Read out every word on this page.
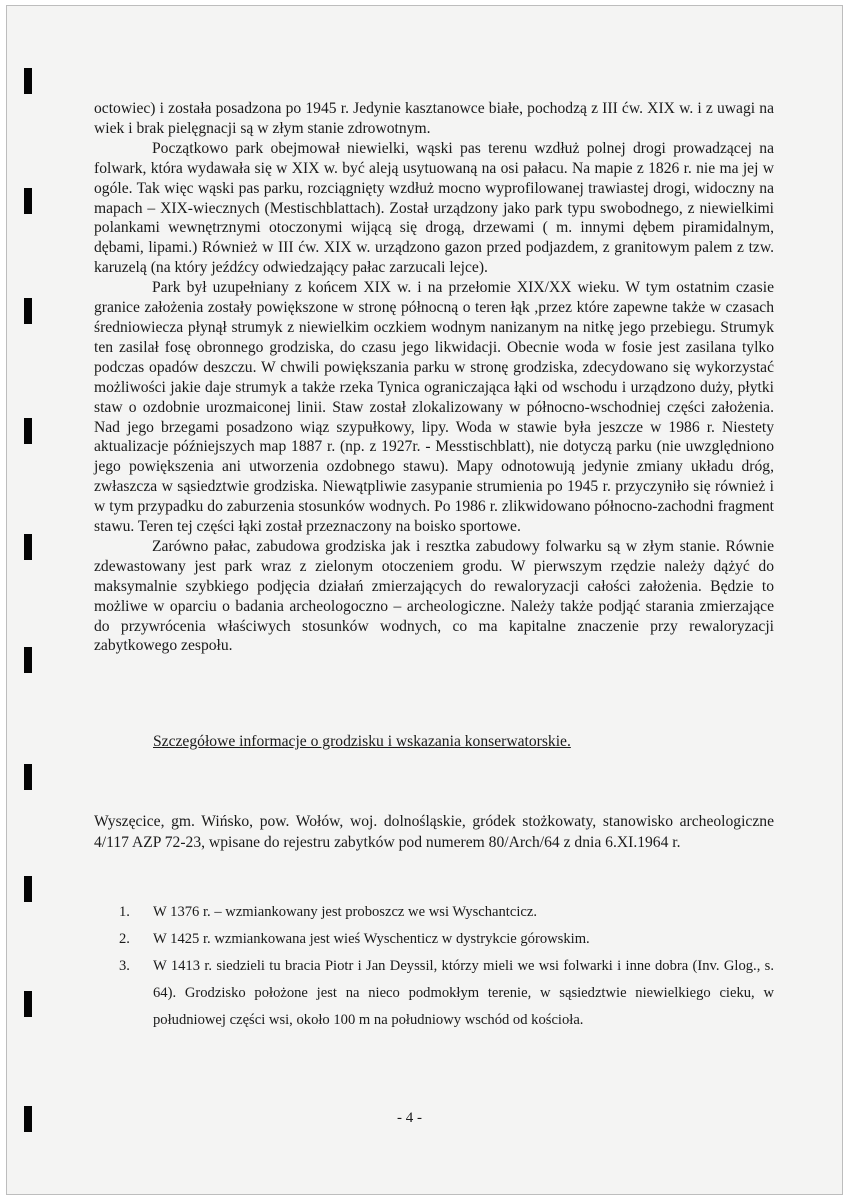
octowiec) i została posadzona po 1945 r. Jedynie kasztanowce białe, pochodzą z III ćw. XIX w. i z uwagi na wiek i brak pielęgnacji są w złym stanie zdrowotnym.

Początkowo park obejmował niewielki, wąski pas terenu wzdłuż polnej drogi prowadzącej na folwark, która wydawała się w XIX w. być aleją usytuowaną na osi pałacu. Na mapie z 1826 r. nie ma jej w ogóle. Tak więc wąski pas parku, rozciągnięty wzdłuż mocno wyprofilowanej trawiastej drogi, widoczny na mapach – XIX-wiecznych (Mestischblattach). Został urządzony jako park typu swobodnego, z niewielkimi polankami wewnętrznymi otoczonymi wijącą się drogą, drzewami ( m. innymi dębem piramidalnym, dębami, lipami.) Również w III ćw. XIX w. urządzono gazon przed podjazdem, z granitowym palem z tzw. karuzelą (na który jeźdźcy odwiedzający pałac zarzucali lejce).

Park był uzupełniany z końcem XIX w. i na przełomie XIX/XX wieku. W tym ostatnim czasie granice założenia zostały powiększone w stronę północną o teren łąk ,przez które zapewne także w czasach średniowiecza płynął strumyk z niewielkim oczkiem wodnym nanizanym na nitkę jego przebiegu. Strumyk ten zasilał fosę obronnego grodziska, do czasu jego likwidacji. Obecnie woda w fosie jest zasilana tylko podczas opadów deszczu. W chwili powiększania parku w stronę grodziska, zdecydowano się wykorzystać możliwości jakie daje strumyk a także rzeka Tynica ograniczająca łąki od wschodu i urządzono duży, płytki staw o ozdobnie urozmaiconej linii. Staw został zlokalizowany w północno-wschodniej części założenia. Nad jego brzegami posadzono wiąz szypułkowy, lipy. Woda w stawie była jeszcze w 1986 r. Niestety aktualizacje późniejszych map 1887 r. (np. z 1927r. - Messtischblatt), nie dotyczą parku (nie uwzględniono jego powiększenia ani utworzenia ozdobnego stawu). Mapy odnotowują jedynie zmiany układu dróg, zwłaszcza w sąsiedztwie grodziska. Niewątpliwie zasypanie strumienia po 1945 r. przyczyniło się również i w tym przypadku do zaburzenia stosunków wodnych. Po 1986 r. zlikwidowano północno-zachodni fragment stawu. Teren tej części łąki został przeznaczony na boisko sportowe.

Zarówno pałac, zabudowa grodziska jak i resztka zabudowy folwarku są w złym stanie. Równie zdewastowany jest park wraz z zielonym otoczeniem grodu. W pierwszym rzędzie należy dążyć do maksymalnie szybkiego podjęcia działań zmierzających do rewaloryzacji całości założenia. Będzie to możliwe w oparciu o badania archeologoczno – archeologiczne. Należy także podjąć starania zmierzające do przywrócenia właściwych stosunków wodnych, co ma kapitalne znaczenie przy rewaloryzacji zabytkowego zespołu.

Szczegółowe informacje o grodzisku i wskazania konserwatorskie.
Wyszęcice, gm. Wińsko, pow. Wołów, woj. dolnośląskie, gródek stożkowaty, stanowisko archeologiczne 4/117 AZP 72-23, wpisane do rejestru zabytków pod numerem 80/Arch/64 z dnia 6.XI.1964 r.
1. W 1376 r. – wzmiankowany jest proboszcz we wsi Wyschantcicz.
2. W 1425 r. wzmiankowana jest wieś Wyschenticz w dystrykcie górowskim.
3. W 1413 r. siedzieli tu bracia Piotr i Jan Deyssil, którzy mieli we wsi folwarki i inne dobra (Inv. Glog., s. 64). Grodzisko położone jest na nieco podmokłym terenie, w sąsiedztwie niewielkiego cieku, w południowej części wsi, około 100 m na południowy wschód od kościoła.
- 4 -
